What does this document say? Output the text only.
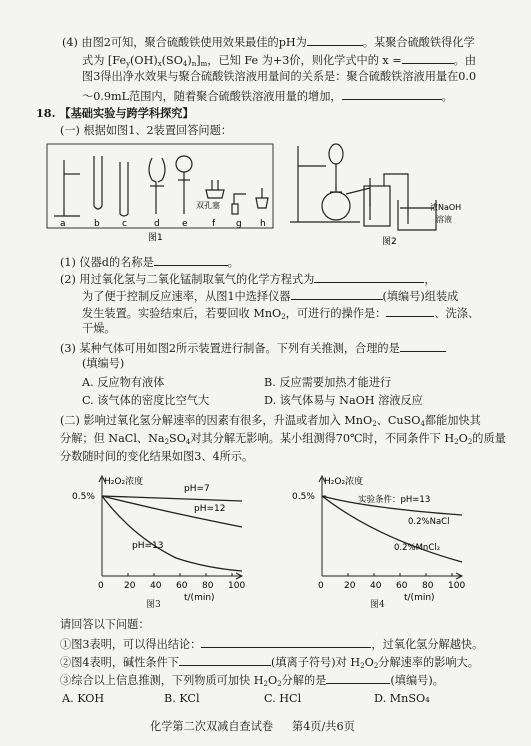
(4) 由图2可知，聚合硫酸铁使用效果最佳的pH为	。某聚合硫酸铁得化学
式为 $[Fe_y(OH)_x(SO_4)_n]_m$，已知 Fe 为+3价，则化学式中的 x =	。由
图3得出净水效果与聚合硫酸铁溶液用量间的关系是：聚合硫酸铁溶液用量在0.0
～0.9mL范围内，随着聚合硫酸铁溶液用量的增加，	。
18. 【基础实验与跨学科探究】
(一) 根据如图1、2装置回答问题：
a	b c	d e	f g h
双孔塞
图1
浓NaOH
溶液
图2
(1) 仪器d的名称是	。
(2) 用过氧化氢与二氧化锰制取氧气的化学方程式为	，
为了便于控制反应速率，从图1中选择仪器	(填编号)组装成
发生装置。实验结束后，若要回收 MnO$_2$，可进行的操作是：	、洗涤、
干燥。
(3) 某种气体可用如图2所示装置进行制备。下列有关推测，合理的是
(填编号)
A. 反应物有液体	B. 反应需要加热才能进行
C. 该气体的密度比空气大	D. 该气体易与 NaOH 溶液反应
(二) 影响过氧化氢分解速率的因素有很多，升温或者加入 MnO$_2$、CuSO$_4$都能加快其
分解；但 NaCl、$Na_2SO_4$对其分解无影响。某小组测得70℃时，不同条件下 $H_2O_2$的质量
分数随时间的变化结果如图3、4所示。
H₂O₂浓度
0.5%
0 20 40 60 80 100
pH=7
pH=12
pH=13
t/(min)
图3
H₂O₂浓度
0.5%	实验条件：pH=13
0 20 40 60 80 100
0.2%NaCl
0.2%MnCl₂
t/(min)
图4
请回答以下问题：
①图3表明，可以得出结论：	，过氧化氢分解越快。
②图4表明，碱性条件下	(填离子符号)对 $H_2O_2$分解速率的影响大。
③综合以上信息推测，下列物质可加快 $H_2O_2$分解的是	(填编号)。
A. KOH	B. KCl	C. HCl	D. MnSO₄
化学第二次双减自查试卷 第4页/共6页
